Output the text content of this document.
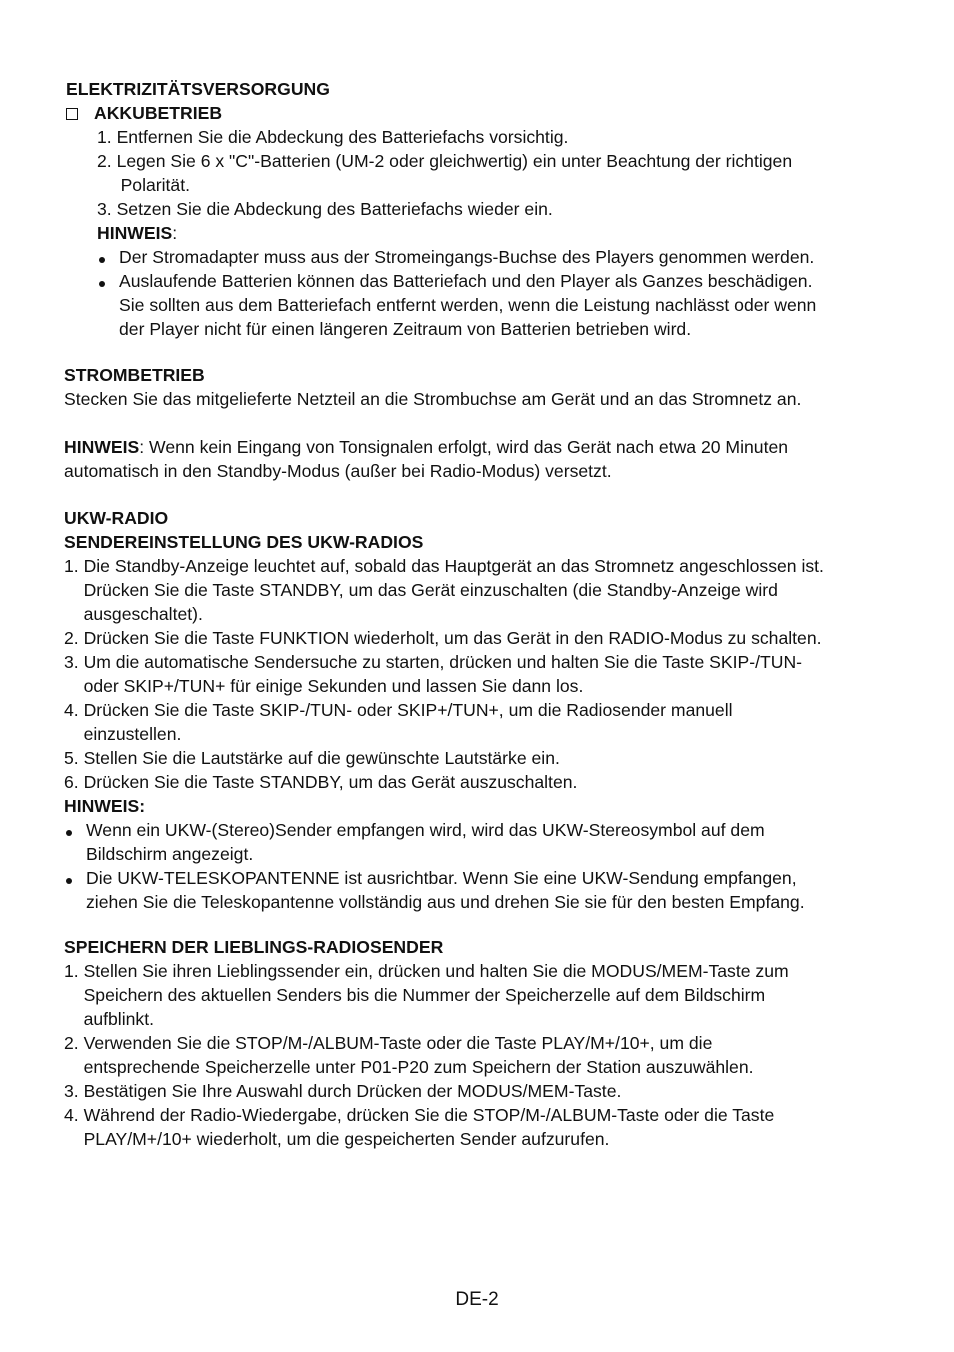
ELEKTRIZITÄTSVERSORGUNG
AKKUBETRIEB
1. Entfernen Sie die Abdeckung des Batteriefachs vorsichtig.
2. Legen Sie 6 x "C"-Batterien (UM-2 oder gleichwertig) ein unter Beachtung der richtigen
Polarität.
3. Setzen Sie die Abdeckung des Batteriefachs wieder ein.
HINWEIS:
Der Stromadapter muss aus der Stromeingangs-Buchse des Players genommen werden.
Auslaufende Batterien können das Batteriefach und den Player als Ganzes beschädigen.
Sie sollten aus dem Batteriefach entfernt werden, wenn die Leistung nachlässt oder wenn
der Player nicht für einen längeren Zeitraum von Batterien betrieben wird.
STROMBETRIEB
Stecken Sie das mitgelieferte Netzteil an die Strombuchse am Gerät und an das Stromnetz an.
HINWEIS: Wenn kein Eingang von Tonsignalen erfolgt, wird das Gerät nach etwa 20 Minuten
automatisch in den Standby-Modus (außer bei Radio-Modus) versetzt.
UKW-RADIO
SENDEREINSTELLUNG DES UKW-RADIOS
1. Die Standby-Anzeige leuchtet auf, sobald das Hauptgerät an das Stromnetz angeschlossen ist.
Drücken Sie die Taste STANDBY, um das Gerät einzuschalten (die Standby-Anzeige wird
ausgeschaltet).
2. Drücken Sie die Taste FUNKTION wiederholt, um das Gerät in den RADIO-Modus zu schalten.
3. Um die automatische Sendersuche zu starten, drücken und halten Sie die Taste SKIP-/TUN-
oder SKIP+/TUN+ für einige Sekunden und lassen Sie dann los.
4. Drücken Sie die Taste SKIP-/TUN- oder SKIP+/TUN+, um die Radiosender manuell
einzustellen.
5. Stellen Sie die Lautstärke auf die gewünschte Lautstärke ein.
6. Drücken Sie die Taste STANDBY, um das Gerät auszuschalten.
HINWEIS:
Wenn ein UKW-(Stereo)Sender empfangen wird, wird das UKW-Stereosymbol auf dem
Bildschirm angezeigt.
Die UKW-TELESKOPANTENNE ist ausrichtbar. Wenn Sie eine UKW-Sendung empfangen,
ziehen Sie die Teleskopantenne vollständig aus und drehen Sie sie für den besten Empfang.
SPEICHERN DER LIEBLINGS-RADIOSENDER
1. Stellen Sie ihren Lieblingssender ein, drücken und halten Sie die MODUS/MEM-Taste zum
Speichern des aktuellen Senders bis die Nummer der Speicherzelle auf dem Bildschirm
aufblinkt.
2. Verwenden Sie die STOP/M-/ALBUM-Taste oder die Taste PLAY/M+/10+, um die
entsprechende Speicherzelle unter P01-P20 zum Speichern der Station auszuwählen.
3. Bestätigen Sie Ihre Auswahl durch Drücken der MODUS/MEM-Taste.
4. Während der Radio-Wiedergabe, drücken Sie die STOP/M-/ALBUM-Taste oder die Taste
PLAY/M+/10+ wiederholt, um die gespeicherten Sender aufzurufen.
DE-2
